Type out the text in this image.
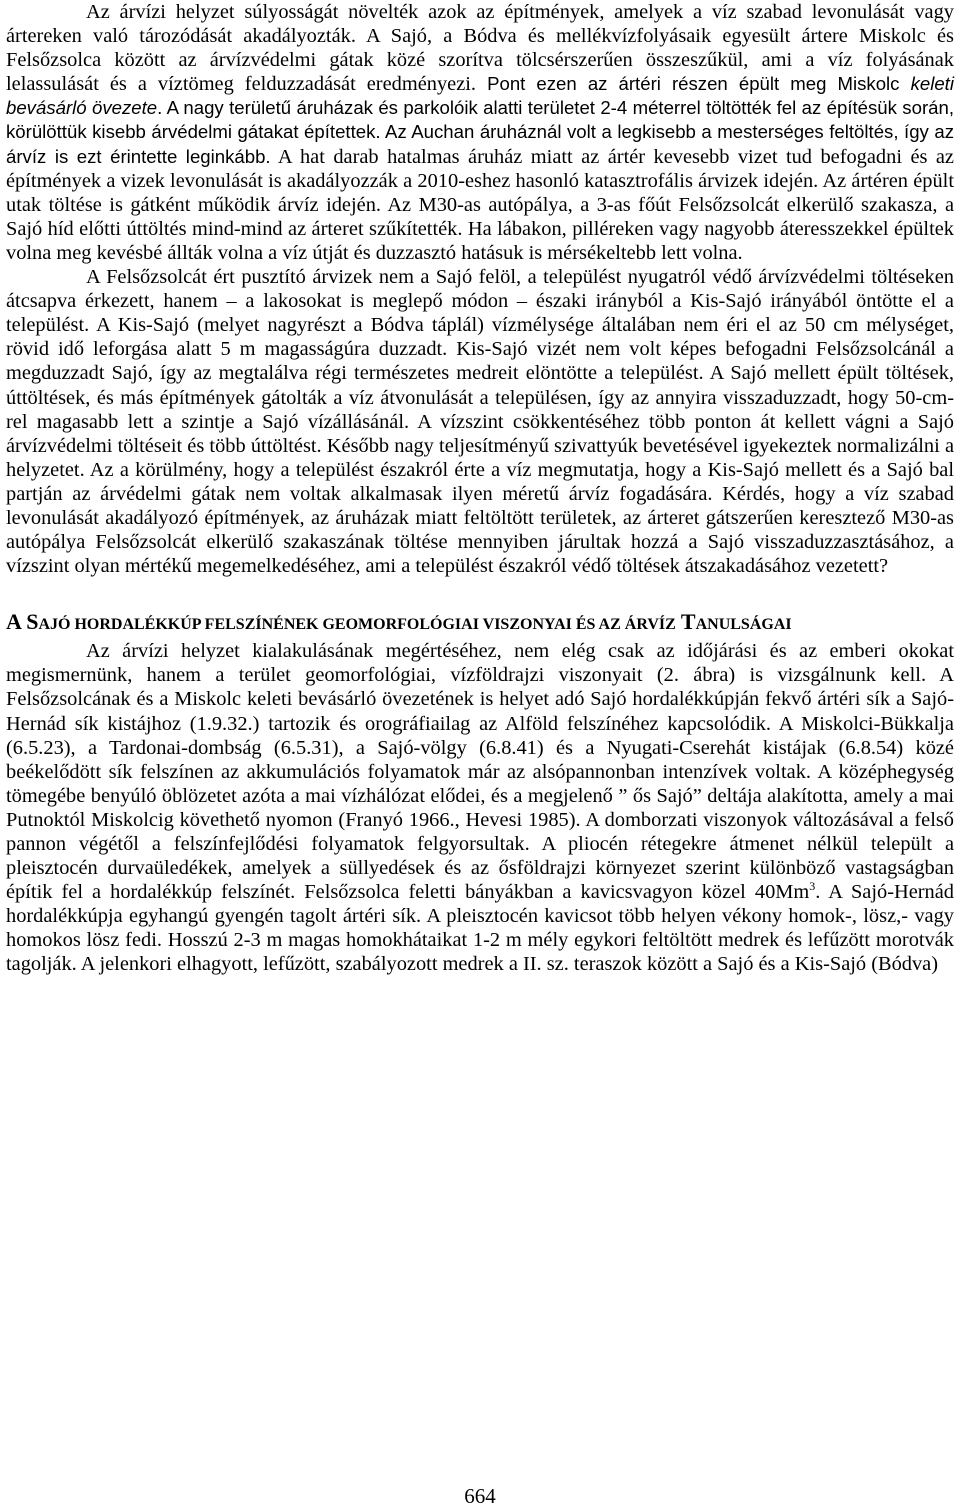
Az árvízi helyzet súlyosságát növelték azok az építmények, amelyek a víz szabad levonulását vagy ártereken való tározódását akadályozták. A Sajó, a Bódva és mellékvízfolyásaik egyesült ártere Miskolc és Felsőzsolca között az árvízvédelmi gátak közé szorítva tölcsérszerűen összeszűkül, ami a víz folyásának lelassulását és a víztömeg felduzzadását eredményezi. Pont ezen az ártéri részen épült meg Miskolc keleti bevásárló övezete. A nagy területű áruházak és parkolóik alatti területet 2-4 méterrel töltötték fel az építésük során, körülöttük kisebb árvédelmi gátakat építettek. Az Auchan áruháznál volt a legkisebb a mesterséges feltöltés, így az árvíz is ezt érintette leginkább. A hat darab hatalmas áruház miatt az ártér kevesebb vizet tud befogadni és az építmények a vizek levonulását is akadályozzák a 2010-eshez hasonló katasztrofális árvizek idején. Az ártéren épült utak töltése is gátként működik árvíz idején. Az M30-as autópálya, a 3-as főút Felsőzsolcát elkerülő szakasza, a Sajó híd előtti úttöltés mind-mind az árteret szűkítették. Ha lábakon, pilléreken vagy nagyobb áteresszekkel épültek volna meg kevésbé állták volna a víz útját és duzzasztó hatásuk is mérsékeltebb lett volna.

A Felsőzsolcát ért pusztító árvizek nem a Sajó felöl, a települést nyugatról védő árvízvédelmi töltéseken átcsapva érkezett, hanem – a lakosokat is meglepő módon – északi irányból a Kis-Sajó irányából öntötte el a települést. A Kis-Sajó (melyet nagyrészt a Bódva táplál) vízmélysége általában nem éri el az 50 cm mélységet, rövid idő leforgása alatt 5 m magasságúra duzzadt. Kis-Sajó vizét nem volt képes befogadni Felsőzsolcánál a megduzzadt Sajó, így az megtalálva régi természetes medreit elöntötte a települést. A Sajó mellett épült töltések, úttöltések, és más építmények gátolták a víz átvonulását a településen, így az annyira visszaduzzadt, hogy 50-cm-rel magasabb lett a szintje a Sajó vízállásánál. A vízszint csökkentéséhez több ponton át kellett vágni a Sajó árvízvédelmi töltéseit és több úttöltést. Később nagy teljesítményű szivattyúk bevetésével igyekeztek normalizálni a helyzetet. Az a körülmény, hogy a települést északról érte a víz megmutatja, hogy a Kis-Sajó mellett és a Sajó bal partján az árvédelmi gátak nem voltak alkalmasak ilyen méretű árvíz fogadására. Kérdés, hogy a víz szabad levonulását akadályozó építmények, az áruházak miatt feltöltött területek, az árteret gátszerűen keresztező M30-as autópálya Felsőzsolcát elkerülő szakaszának töltése mennyiben járultak hozzá a Sajó visszaduzzasztásához, a vízszint olyan mértékű megemelkedéséhez, ami a települést északról védő töltések átszakadásához vezetett?

A SAJÓ HORDALÉKKÚP FELSZÍNÉNEK GEOMORFOLÓGIAI VISZONYAI ÉS AZ ÁRVÍZ TANULSÁGAI

Az árvízi helyzet kialakulásának megértéséhez, nem elég csak az időjárási és az emberi okokat megismernünk, hanem a terület geomorfológiai, vízföldrajzi viszonyait (2. ábra) is vizsgálnunk kell. A Felsőzsolcának és a Miskolc keleti bevásárló övezetének is helyet adó Sajó hordalékkúpján fekvő ártéri sík a Sajó-Hernád sík kistájhoz (1.9.32.) tartozik és orográfiailag az Alföld felszínéhez kapcsolódik. A Miskolci-Bükkalja (6.5.23), a Tardonai-dombság (6.5.31), a Sajó-völgy (6.8.41) és a Nyugati-Cserehát kistájak (6.8.54) közé beékelődött sík felszínen az akkumulációs folyamatok már az alsópannonban intenzívek voltak. A középhegység tömegébe benyúló öblözetet azóta a mai vízhálózat elődei, és a megjelenő ” ős Sajó” deltája alakította, amely a mai Putnoktól Miskolcig követhető nyomon (Franyó 1966., Hevesi 1985). A domborzati viszonyok változásával a felső pannon végétől a felszínfejlődési folyamatok felgyorsultak. A pliocén rétegekre átmenet nélkül települt a pleisztocén durvaüledékek, amelyek a süllyedések és az ősföldrajzi környezet szerint különböző vastagságban építik fel a hordalékkúp felszínét. Felsőzsolca feletti bányákban a kavicsvagyon közel 40Mm$^3$. A Sajó-Hernád hordalékkúpja egyhangú gyengén tagolt ártéri sík. A pleisztocén kavicsot több helyen vékony homok-, lösz,- vagy homokos lösz fedi. Hosszú 2-3 m magas homokhátaikat 1-2 m mély egykori feltöltött medrek és lefűzött morotvák tagolják. A jelenkori elhagyott, lefűzött, szabályozott medrek a II. sz. teraszok között a Sajó és a Kis-Sajó (Bódva)

664
